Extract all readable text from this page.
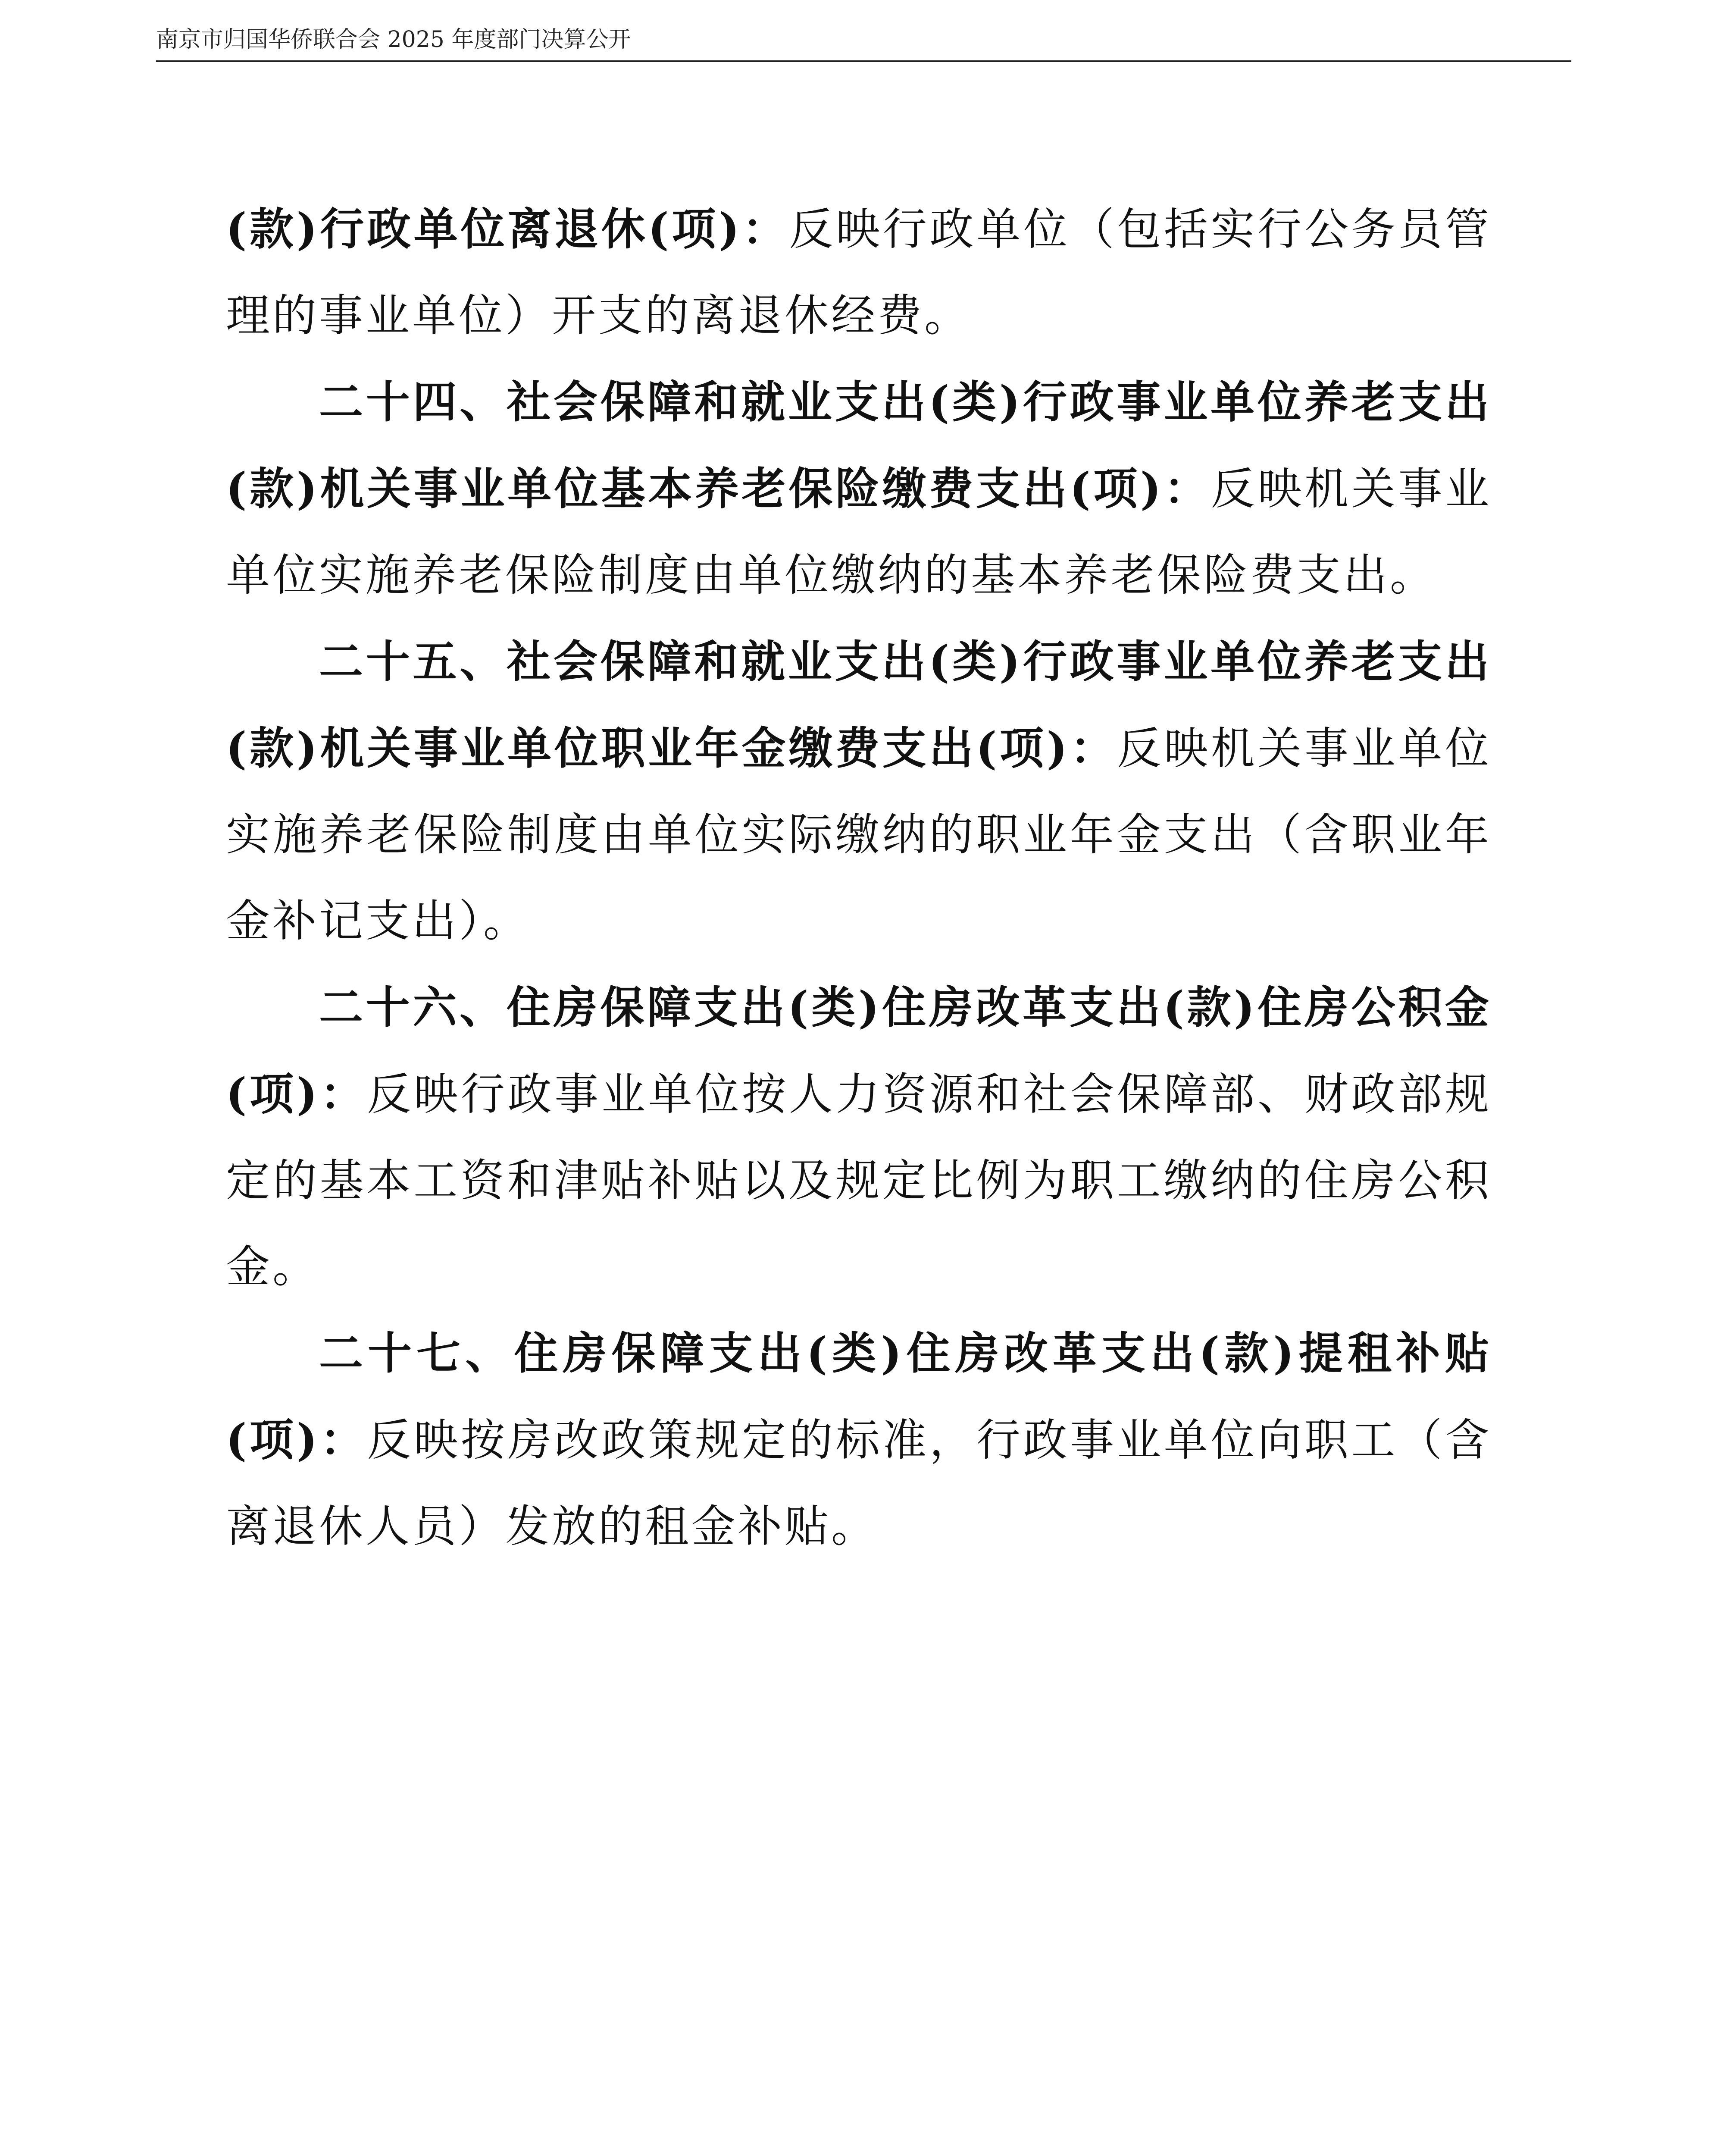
南京市归国华侨联合会 2025 年度部门决算公开

(款)行政单位离退休(项)：反映行政单位（包括实行公务员管理的事业单位）开支的离退休经费。

二十四、社会保障和就业支出(类)行政事业单位养老支出(款)机关事业单位基本养老保险缴费支出(项)：反映机关事业单位实施养老保险制度由单位缴纳的基本养老保险费支出。

二十五、社会保障和就业支出(类)行政事业单位养老支出(款)机关事业单位职业年金缴费支出(项)：反映机关事业单位实施养老保险制度由单位实际缴纳的职业年金支出（含职业年金补记支出）。

二十六、住房保障支出(类)住房改革支出(款)住房公积金(项)：反映行政事业单位按人力资源和社会保障部、财政部规定的基本工资和津贴补贴以及规定比例为职工缴纳的住房公积金。

二十七、住房保障支出(类)住房改革支出(款)提租补贴(项)：反映按房改政策规定的标准，行政事业单位向职工（含离退休人员）发放的租金补贴。
